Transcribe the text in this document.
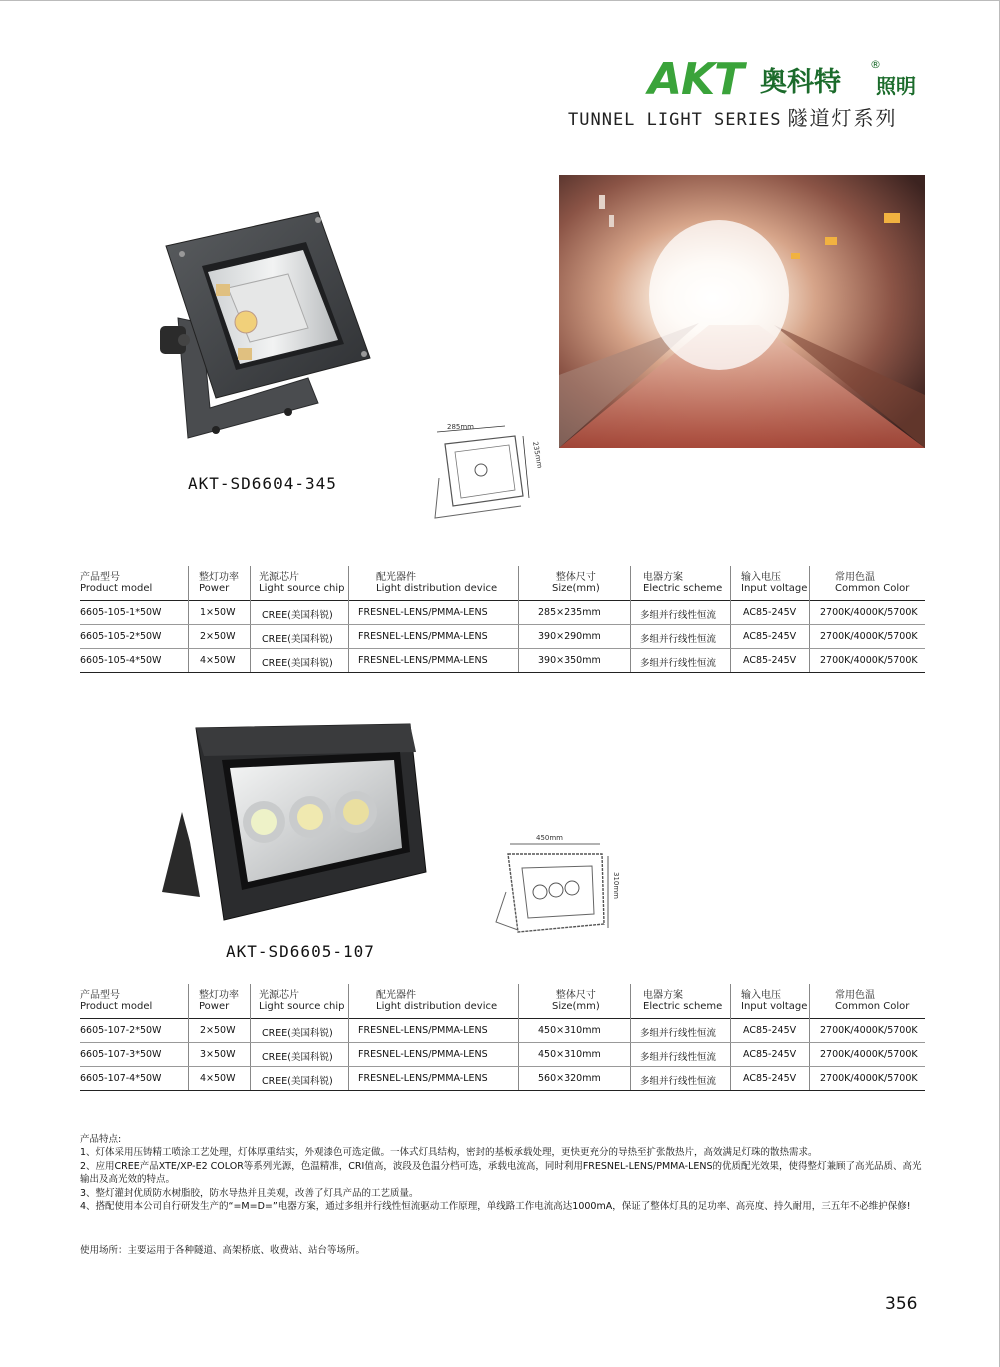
AKT 奥科特
®
照明
TUNNEL LIGHT SERIES 隧道灯系列
AKT-SD6604-345
285mm
235mm
产品型号
Product model
整灯功率
Power
光源芯片
Light source chip
配光器件
Light distribution device
整体尺寸
Size(mm)
电器方案
Electric scheme
输入电压
Input voltage
常用色温
Common Color
6605-105-1*50W	1×50W	CREE(美国科锐)	FRESNEL-LENS/PMMA-LENS	285×235mm	多组并行线性恒流	AC85-245V	2700K/4000K/5700K
6605-105-2*50W	2×50W	CREE(美国科锐)	FRESNEL-LENS/PMMA-LENS	390×290mm	多组并行线性恒流	AC85-245V	2700K/4000K/5700K
6605-105-4*50W	4×50W	CREE(美国科锐)	FRESNEL-LENS/PMMA-LENS	390×350mm	多组并行线性恒流	AC85-245V	2700K/4000K/5700K
AKT-SD6605-107
450mm
310mm
产品型号
Product model
整灯功率
Power
光源芯片
Light source chip
配光器件
Light distribution device
整体尺寸
Size(mm)
电器方案
Electric scheme
输入电压
Input voltage
常用色温
Common Color
6605-107-2*50W	2×50W	CREE(美国科锐)	FRESNEL-LENS/PMMA-LENS	450×310mm	多组并行线性恒流	AC85-245V	2700K/4000K/5700K
6605-107-3*50W	3×50W	CREE(美国科锐)	FRESNEL-LENS/PMMA-LENS	450×310mm	多组并行线性恒流	AC85-245V	2700K/4000K/5700K
6605-107-4*50W	4×50W	CREE(美国科锐)	FRESNEL-LENS/PMMA-LENS	560×320mm	多组并行线性恒流	AC85-245V	2700K/4000K/5700K

产品特点:

1、灯体采用压铸精工喷涂工艺处理，灯体厚重结实，外观漆色可选定做。一体式灯具结构，密封的基板承载处理，更快更充分的导热至扩张散热片，高效满足灯珠的散热需求。

2、应用CREE产品XTE/XP-E2 COLOR等系列光源，色温精准，CRI值高，波段及色温分档可选，承载电流高，同时利用FRESNEL-LENS/PMMA-LENS的优质配光效果，使得整灯兼顾了高光品质、高光输出及高光效的特点。

3、整灯灌封优质防水树脂胶，防水导热并且美观，改善了灯具产品的工艺质量。

4、搭配使用本公司自行研发生产的“=M=D=”电器方案，通过多组并行线性恒流驱动工作原理，单线路工作电流高达1000mA，保证了整体灯具的足功率、高亮度、持久耐用，三五年不必维护保修!

使用场所：主要运用于各种隧道、高架桥底、收费站、站台等场所。
356
